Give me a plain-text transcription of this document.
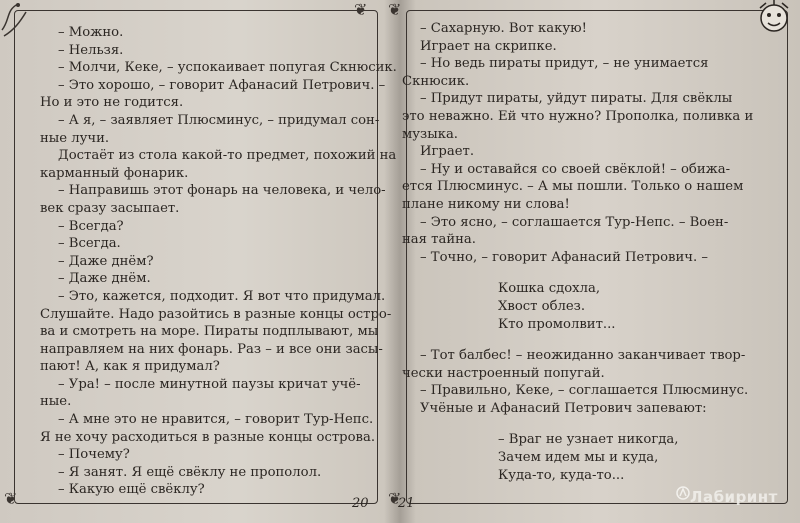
❦
❦
– Можно.
– Нельзя.
– Молчи, Кеке, – успокаивает попугая Скнюсик.
– Это хорошо, – говорит Афанасий Петрович. –
Но и это не годится.
– А я, – заявляет Плюсминус, – придумал сон-
ные лучи.
Достаёт из стола какой-то предмет, похожий на
карманный фонарик.
– Направишь этот фонарь на человека, и чело-
век сразу засыпает.
– Всегда?
– Всегда.
– Даже днём?
– Даже днём.
– Это, кажется, подходит. Я вот что придумал.
Слушайте. Надо разойтись в разные концы остро-
ва и смотреть на море. Пираты подплывают, мы
направляем на них фонарь. Раз – и все они засы-
пают! А, как я придумал?
– Ура! – после минутной паузы кричат учё-
ные.
– А мне это не нравится, – говорит Тур-Непс.
Я не хочу расходиться в разные концы острова.
– Почему?
– Я занят. Я ещё свёклу не прополол.
– Какую ещё свёклу?
20
❦
❦
– Сахарную. Вот какую!
Играет на скрипке.
– Но ведь пираты придут, – не унимается
Скнюсик.
– Придут пираты, уйдут пираты. Для свёклы
это неважно. Ей что нужно? Прополка, поливка и
музыка.
Играет.
– Ну и оставайся со своей свёклой! – обижа-
ется Плюсминус. – А мы пошли. Только о нашем
плане никому ни слова!
– Это ясно, – соглашается Тур-Непс. – Воен-
ная тайна.
– Точно, – говорит Афанасий Петрович. –
Кошка сдохла,
Хвост облез.
Кто промолвит...
– Тот балбес! – неожиданно заканчивает твор-
чески настроенный попугай.
– Правильно, Кеке, – соглашается Плюсминус.
Учёные и Афанасий Петрович запевают:
– Враг не узнает никогда,
Зачем идем мы и куда,
Куда-то, куда-то...
21	Лабиринт
